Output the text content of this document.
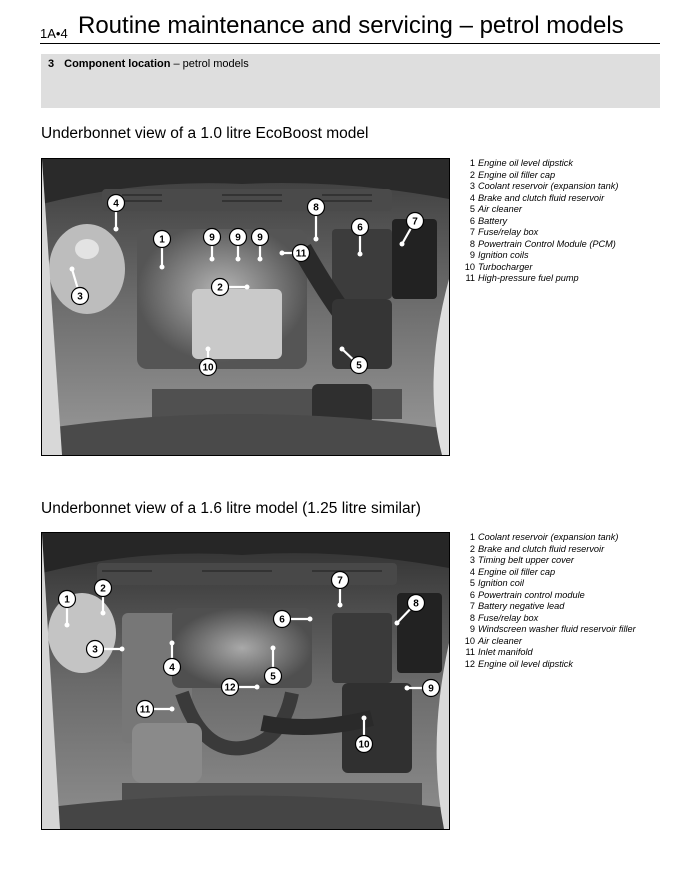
1A•4 Routine maintenance and servicing – petrol models
3 Component location – petrol models
Underbonnet view of a 1.0 litre EcoBoost model
1
2
3
4
5
6
7
8
9 9 9
10
11
1 Engine oil level dipstick
2 Engine oil filler cap
3 Coolant reservoir (expansion tank)
4 Brake and clutch fluid reservoir
5 Air cleaner
6 Battery
7 Fuse/relay box
8 Powertrain Control Module (PCM)
9 Ignition coils
10 Turbocharger
11 High-pressure fuel pump
Underbonnet view of a 1.6 litre model (1.25 litre similar)
1
2
3
4
5
6
7
8
9
10
11
12
1 Coolant reservoir (expansion tank)
2 Brake and clutch fluid reservoir
3 Timing belt upper cover
4 Engine oil filler cap
5 Ignition coil
6 Powertrain control module
7 Battery negative lead
8 Fuse/relay box
9 Windscreen washer fluid reservoir filler
10 Air cleaner
11 Inlet manifold
12 Engine oil level dipstick
